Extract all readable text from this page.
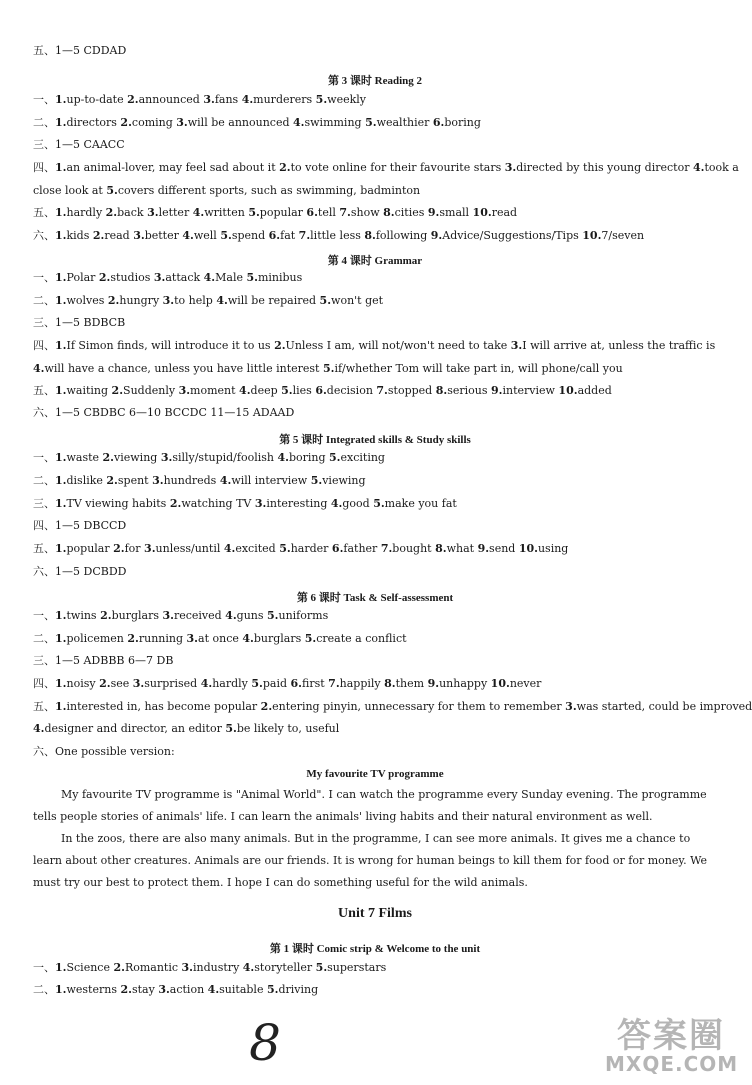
五、1—5 CDDAD
第 3 课时 Reading 2
一、1.up-to-date 2.announced 3.fans 4.murderers 5.weekly
二、1.directors 2.coming 3.will be announced 4.swimming 5.wealthier 6.boring
三、1—5 CAACC
四、1.an animal-lover, may feel sad about it 2.to vote online for their favourite stars 3.directed by this young director 4.took a
close look at 5.covers different sports, such as swimming, badminton
五、1.hardly 2.back 3.letter 4.written 5.popular 6.tell 7.show 8.cities 9.small 10.read
六、1.kids 2.read 3.better 4.well 5.spend 6.fat 7.little less 8.following 9.Advice/Suggestions/Tips 10.7/seven
第 4 课时 Grammar
一、1.Polar 2.studios 3.attack 4.Male 5.minibus
二、1.wolves 2.hungry 3.to help 4.will be repaired 5.won't get
三、1—5 BDBCB
四、1.If Simon finds, will introduce it to us 2.Unless I am, will not/won't need to take 3.I will arrive at, unless the traffic is
4.will have a chance, unless you have little interest 5.if/whether Tom will take part in, will phone/call you
五、1.waiting 2.Suddenly 3.moment 4.deep 5.lies 6.decision 7.stopped 8.serious 9.interview 10.added
六、1—5 CBDBC 6—10 BCCDC 11—15 ADAAD
第 5 课时 Integrated skills & Study skills
一、1.waste 2.viewing 3.silly/stupid/foolish 4.boring 5.exciting
二、1.dislike 2.spent 3.hundreds 4.will interview 5.viewing
三、1.TV viewing habits 2.watching TV 3.interesting 4.good 5.make you fat
四、1—5 DBCCD
五、1.popular 2.for 3.unless/until 4.excited 5.harder 6.father 7.bought 8.what 9.send 10.using
六、1—5 DCBDD
第 6 课时 Task & Self-assessment
一、1.twins 2.burglars 3.received 4.guns 5.uniforms
二、1.policemen 2.running 3.at once 4.burglars 5.create a conflict
三、1—5 ADBBB 6—7 DB
四、1.noisy 2.see 3.surprised 4.hardly 5.paid 6.first 7.happily 8.them 9.unhappy 10.never
五、1.interested in, has become popular 2.entering pinyin, unnecessary for them to remember 3.was started, could be improved
4.designer and director, an editor 5.be likely to, useful
六、One possible version:
My favourite TV programme
My favourite TV programme is "Animal World". I can watch the programme every Sunday evening. The programme tells people stories of animals' life. I can learn the animals' living habits and their natural environment as well.
In the zoos, there are also many animals. But in the programme, I can see more animals. It gives me a chance to learn about other creatures. Animals are our friends. It is wrong for human beings to kill them for food or for money. We must try our best to protect them. I hope I can do something useful for the wild animals.
Unit 7 Films
第 1 课时 Comic strip & Welcome to the unit
一、1.Science 2.Romantic 3.industry 4.storyteller 5.superstars
二、1.westerns 2.stay 3.action 4.suitable 5.driving
8	答案圈
MXQE.COM
